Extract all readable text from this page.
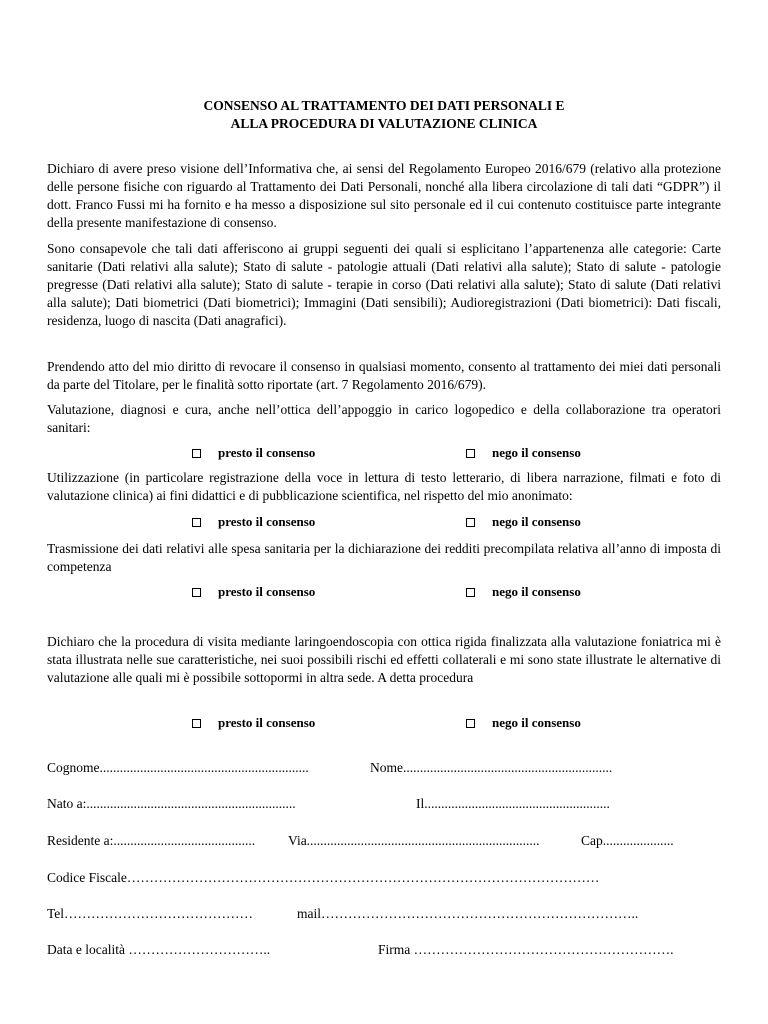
CONSENSO AL TRATTAMENTO DEI DATI PERSONALI E
ALLA PROCEDURA DI VALUTAZIONE CLINICA

Dichiaro di avere preso visione dell’Informativa che, ai sensi del Regolamento Europeo 2016/679 (relativo alla protezione delle persone fisiche con riguardo al Trattamento dei Dati Personali, nonché alla libera circolazione di tali dati “GDPR”) il dott. Franco Fussi mi ha fornito e ha messo a disposizione sul sito personale ed il cui contenuto costituisce parte integrante della presente manifestazione di consenso.

Sono consapevole che tali dati afferiscono ai gruppi seguenti dei quali si esplicitano l’appartenenza alle categorie: Carte sanitarie (Dati relativi alla salute); Stato di salute - patologie attuali (Dati relativi alla salute); Stato di salute - patologie pregresse (Dati relativi alla salute); Stato di salute - terapie in corso (Dati relativi alla salute); Stato di salute (Dati relativi alla salute); Dati biometrici (Dati biometrici); Immagini (Dati sensibili); Audioregistrazioni (Dati biometrici): Dati fiscali, residenza, luogo di nascita (Dati anagrafici).

Prendendo atto del mio diritto di revocare il consenso in qualsiasi momento, consento al trattamento dei miei dati personali da parte del Titolare, per le finalità sotto riportate (art. 7 Regolamento 2016/679).

Valutazione, diagnosi e cura, anche nell’ottica dell’appoggio in carico logopedico e della collaborazione tra operatori sanitari:

presto il consenso	nego il consenso

Utilizzazione (in particolare registrazione della voce in lettura di testo letterario, di libera narrazione, filmati e foto di valutazione clinica) ai fini didattici e di pubblicazione scientifica, nel rispetto del mio anonimato:

presto il consenso	nego il consenso

Trasmissione dei dati relativi alle spesa sanitaria per la dichiarazione dei redditi precompilata relativa all’anno di imposta di competenza

presto il consenso	nego il consenso

Dichiaro che la procedura di visita mediante laringoendoscopia con ottica rigida finalizzata alla valutazione foniatrica mi è stata illustrata nelle sue caratteristiche, nei suoi possibili rischi ed effetti collaterali e mi sono state illustrate le alternative di valutazione alle quali mi è possibile sottopormi in altra sede. A detta procedura

presto il consenso	nego il consenso
Cognome..............................................................	Nome..............................................................
Nato a:..............................................................	Il.......................................................
Residente a:.......................................... Via.....................................................................	Cap.....................
Codice Fiscale……………………………………………………………………………………………
Tel……………………………………	mail……………………………………………………………..
Data e località …………………………..	Firma ………………………………………………….
